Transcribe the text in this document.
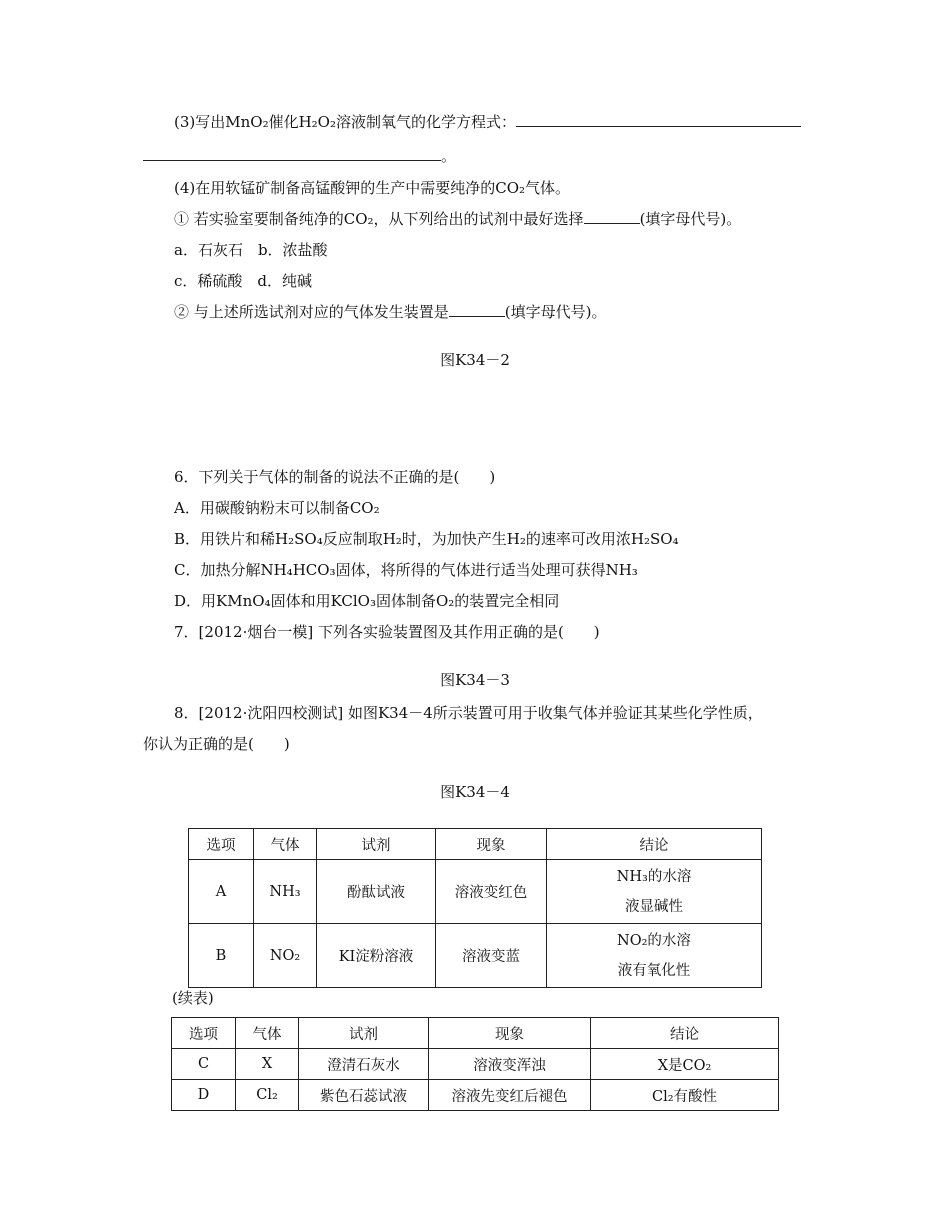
(3)写出MnO₂催化H₂O₂溶液制氧气的化学方程式：
。
(4)在用软锰矿制备高锰酸钾的生产中需要纯净的CO₂气体。
① 若实验室要制备纯净的CO₂，从下列给出的试剂中最好选择	(填字母代号)。
a．石灰石　b．浓盐酸
c．稀硫酸　d．纯碱
② 与上述所选试剂对应的气体发生装置是	(填字母代号)。
图K34－2
6．下列关于气体的制备的说法不正确的是(　　)
A．用碳酸钠粉末可以制备CO₂
B．用铁片和稀H₂SO₄反应制取H₂时，为加快产生H₂的速率可改用浓H₂SO₄
C．加热分解NH₄HCO₃固体，将所得的气体进行适当处理可获得NH₃
D．用KMnO₄固体和用KClO₃固体制备O₂的装置完全相同
7．[2012·烟台一模] 下列各实验装置图及其作用正确的是(　　)
图K34－3
8．[2012·沈阳四校测试] 如图K34－4所示装置可用于收集气体并验证其某些化学性质，
你认为正确的是(　　)
图K34－4
选项	气体	试剂	现象	结论
A	NH₃	酚酞试液	溶液变红色	NH₃的水溶
液显碱性

B	NO₂	KI淀粉溶液	溶液变蓝	NO₂的水溶
液有氧化性
(续表)
选项	气体	试剂	现象	结论
C	X	澄清石灰水	溶液变浑浊	X是CO₂
D	Cl₂	紫色石蕊试液	溶液先变红后褪色	Cl₂有酸性
